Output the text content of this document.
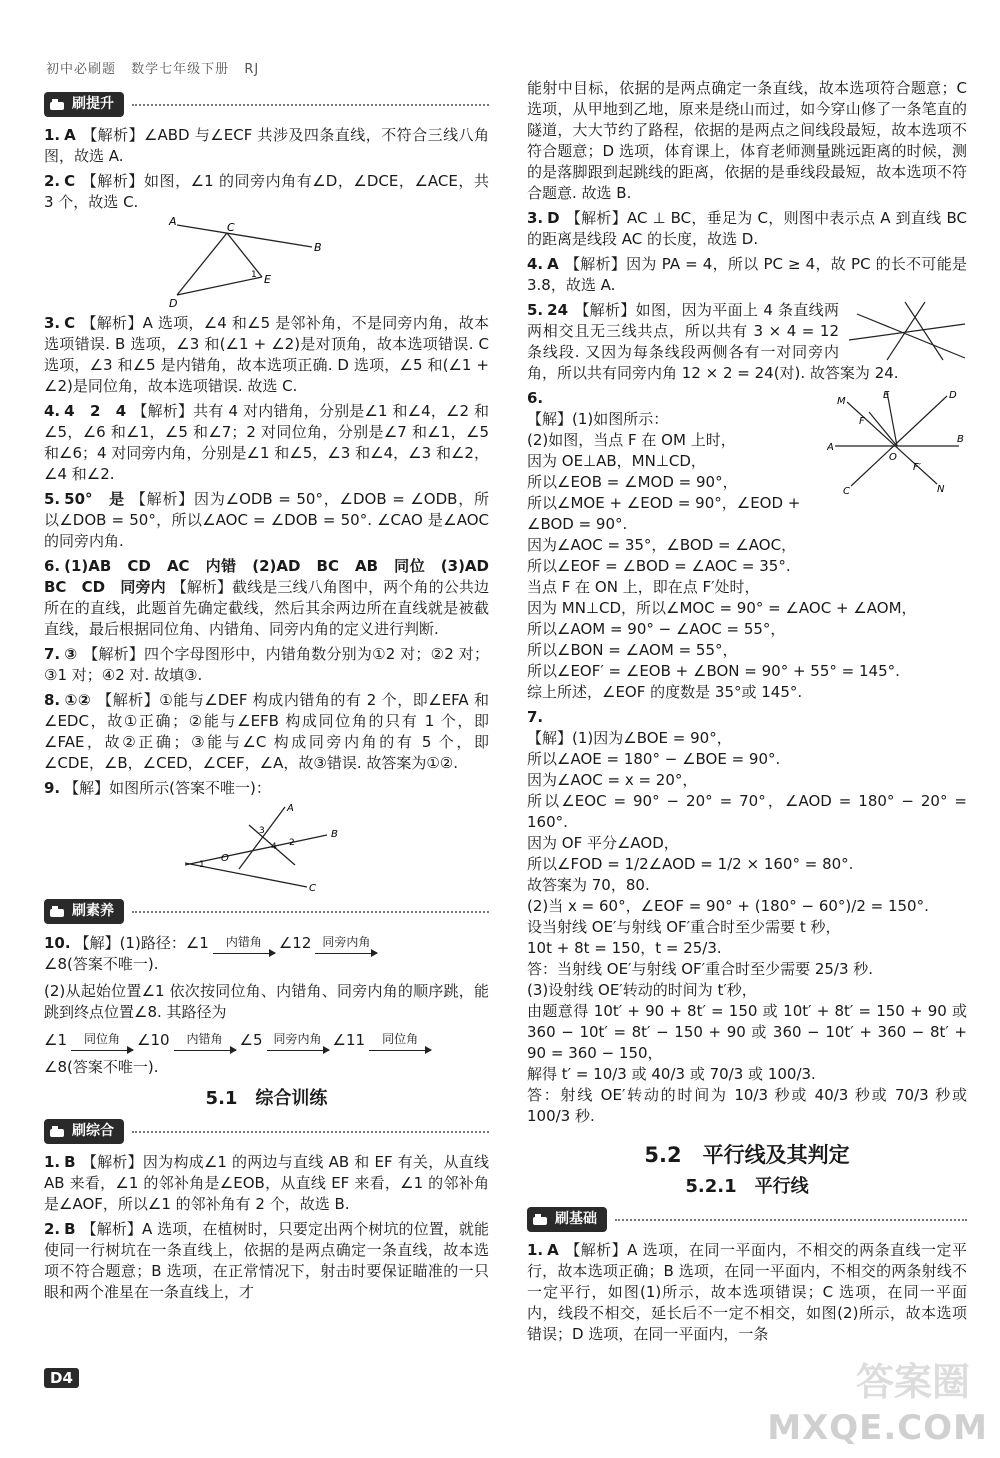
初中必刷题 数学七年级下册 RJ
刷提升

1. A 【解析】∠ABD 与∠ECF 共涉及四条直线，不符合三线八角图，故选 A.

2. C 【解析】如图，∠1 的同旁内角有∠D，∠DCE，∠ACE，共 3 个，故选 C.

A	C
B
D
E
1

3. C 【解析】A 选项，∠4 和∠5 是邻补角，不是同旁内角，故本选项错误. B 选项，∠3 和(∠1 + ∠2)是对顶角，故本选项错误. C 选项，∠3 和∠5 是内错角，故本选项正确. D 选项，∠5 和(∠1 + ∠2)是同位角，故本选项错误. 故选 C.

4. 4　2　4 【解析】共有 4 对内错角，分别是∠1 和∠4，∠2 和∠5，∠6 和∠1，∠5 和∠7；2 对同位角，分别是∠7 和∠1，∠5 和∠6；4 对同旁内角，分别是∠1 和∠5，∠3 和∠4，∠3 和∠2，∠4 和∠2.

5. 50°　是 【解析】因为∠ODB = 50°，∠DOB = ∠ODB，所以∠DOB = 50°，所以∠AOC = ∠DOB = 50°. ∠CAO 是∠AOC 的同旁内角.

6. (1)AB　CD　AC　内错　(2)AD　BC　AB　同位　(3)AD　BC　CD　同旁内 【解析】截线是三线八角图中，两个角的公共边所在的直线，此题首先确定截线，然后其余两边所在直线就是被截直线，最后根据同位角、内错角、同旁内角的定义进行判断.

7. ③ 【解析】四个字母图形中，内错角数分别为①2 对；②2 对；③1 对；④2 对. 故填③.

8. ①② 【解析】①能与∠DEF 构成内错角的有 2 个，即∠EFA 和∠EDC，故①正确；②能与∠EFB 构成同位角的只有 1 个，即∠FAE，故②正确；③能与∠C 构成同旁内角的有 5 个，即∠CDE，∠B，∠CED，∠CEF，∠A，故③错误. 故答案为①②.

9. 【解】如图所示(答案不唯一)：

A
B
C
O
1
2
3
4
刷素养
10. 【解】(1)路径：∠1 内错角 ∠12 同旁内角
∠8(答案不唯一).

(2)从起始位置∠1 依次按同位角、内错角、同旁内角的顺序跳，能跳到终点位置∠8. 其路径为

∠1 同位角 ∠10 内错角 ∠5 同旁内角 ∠11 同位角

∠8(答案不唯一).

5.1　综合训练
刷综合

1. B 【解析】因为构成∠1 的两边与直线 AB 和 EF 有关，从直线 AB 来看，∠1 的邻补角是∠EOB，从直线 EF 来看，∠1 的邻补角是∠AOF，所以∠1 的邻补角有 2 个，故选 B.

2. B 【解析】A 选项，在植树时，只要定出两个树坑的位置，就能使同一行树坑在一条直线上，依据的是两点确定一条直线，故本选项不符合题意；B 选项，在正常情况下，射击时要保证瞄准的一只眼和两个准星在一条直线上，才

能射中目标，依据的是两点确定一条直线，故本选项符合题意；C 选项，从甲地到乙地，原来是绕山而过，如今穿山修了一条笔直的隧道，大大节约了路程，依据的是两点之间线段最短，故本选项不符合题意；D 选项，体育课上，体育老师测量跳远距离的时候，测的是落脚跟到起跳线的距离，依据的是垂线段最短，故本选项不符合题意. 故选 B.

3. D 【解析】AC ⊥ BC，垂足为 C，则图中表示点 A 到直线 BC 的距离是线段 AC 的长度，故选 D.

4. A 【解析】因为 PA = 4，所以 PC ≥ 4，故 PC 的长不可能是 3.8，故选 A.

5. 24 【解析】如图，因为平面上 4 条直线两两相交且无三线共点，所以共有 3 × 4 = 12 条线段. 又因为每条线段两侧各有一对同旁内角，所以共有同旁内角 12 × 2 = 24(对). 故答案为 24.
M
E	D
A
B
C	N
O
F
F′
6.
【解】(1)如图所示：
(2)如图，当点 F 在 OM 上时，
因为 OE⊥AB，MN⊥CD，
所以∠EOB = ∠MOD = 90°，
所以∠MOE + ∠EOD = 90°，∠EOD +
∠BOD = 90°.
因为∠AOC = 35°，∠BOD = ∠AOC，
所以∠EOF = ∠BOD = ∠AOC = 35°.
当点 F 在 ON 上，即在点 F′处时，
因为 MN⊥CD，所以∠MOC = 90° = ∠AOC + ∠AOM，
所以∠AOM = 90° − ∠AOC = 55°，
所以∠BON = ∠AOM = 55°，
所以∠EOF′ = ∠EOB + ∠BON = 90° + 55° = 145°.
综上所述，∠EOF 的度数是 35°或 145°.
7.
【解】(1)因为∠BOE = 90°，
所以∠AOE = 180° − ∠BOE = 90°.
因为∠AOC = x = 20°，
所以∠EOC = 90° − 20° = 70°，∠AOD = 180° − 20° = 160°.
因为 OF 平分∠AOD，
所以∠FOD = 1/2∠AOD = 1/2 × 160° = 80°.
故答案为 70，80.
(2)当 x = 60°，∠EOF = 90° + (180° − 60°)/2 = 150°.
设当射线 OE′与射线 OF′重合时至少需要 t 秒，
10t + 8t = 150，t = 25/3.
答：当射线 OE′与射线 OF′重合时至少需要 25/3 秒.
(3)设射线 OE′转动的时间为 t′秒，
由题意得 10t′ + 90 + 8t′ = 150 或 10t′ + 8t′ = 150 + 90 或 360 − 10t′ = 8t′ − 150 + 90 或 360 − 10t′ + 360 − 8t′ + 90 = 360 − 150，
解得 t′ = 10/3 或 40/3 或 70/3 或 100/3.
答：射线 OE′转动的时间为 10/3 秒或 40/3 秒或 70/3 秒或 100/3 秒.
5.2　平行线及其判定
5.2.1　平行线
刷基础

1. A 【解析】A 选项，在同一平面内，不相交的两条直线一定平行，故本选项正确；B 选项，在同一平面内，不相交的两条射线不一定平行，如图(1)所示，故本选项错误；C 选项，在同一平面内，线段不相交，延长后不一定不相交，如图(2)所示，故本选项错误；D 选项，在同一平面内，一条

D4	答案圈
MXQE.COM
